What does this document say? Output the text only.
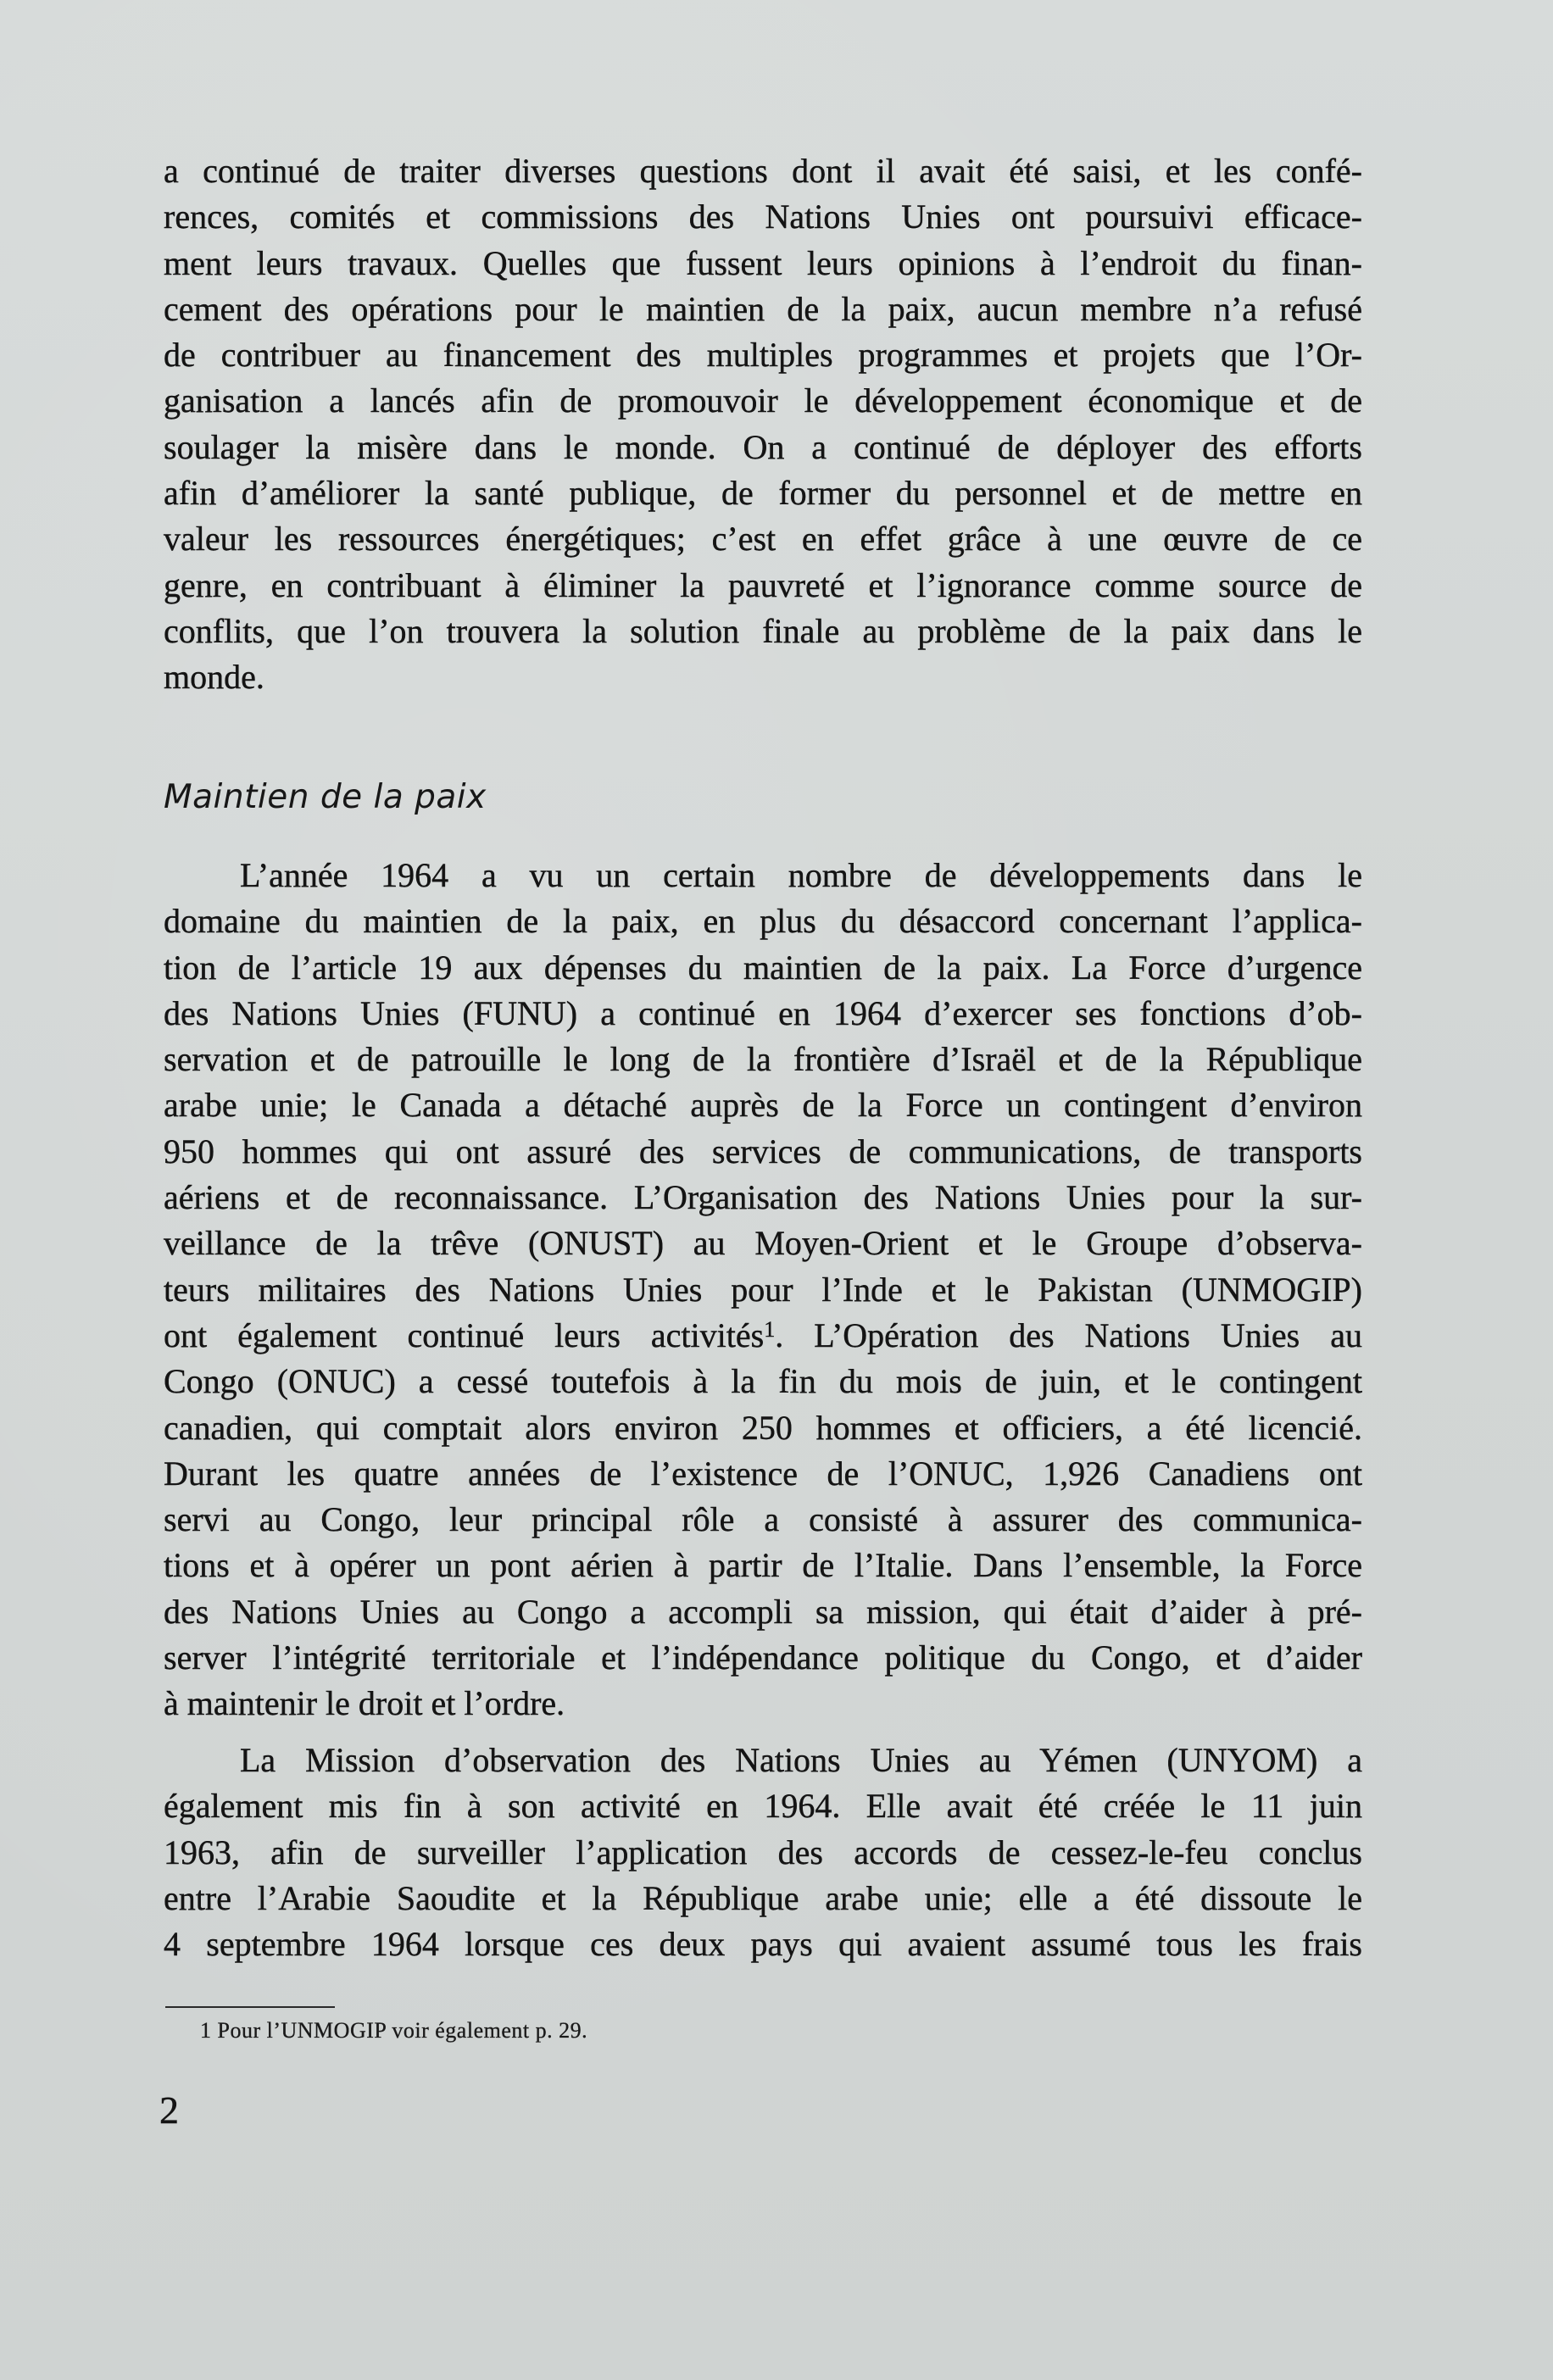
a continué de traiter diverses questions dont il avait été saisi, et les confé-
rences, comités et commissions des Nations Unies ont poursuivi efficace-
ment leurs travaux. Quelles que fussent leurs opinions à l’endroit du finan-
cement des opérations pour le maintien de la paix, aucun membre n’a refusé
de contribuer au financement des multiples programmes et projets que l’Or-
ganisation a lancés afin de promouvoir le développement économique et de
soulager la misère dans le monde. On a continué de déployer des efforts
afin d’améliorer la santé publique, de former du personnel et de mettre en
valeur les ressources énergétiques; c’est en effet grâce à une œuvre de ce
genre, en contribuant à éliminer la pauvreté et l’ignorance comme source de
conflits, que l’on trouvera la solution finale au problème de la paix dans le
monde.
Maintien de la paix
L’année 1964 a vu un certain nombre de développements dans le
domaine du maintien de la paix, en plus du désaccord concernant l’applica-
tion de l’article 19 aux dépenses du maintien de la paix. La Force d’urgence
des Nations Unies (FUNU) a continué en 1964 d’exercer ses fonctions d’ob-
servation et de patrouille le long de la frontière d’Israël et de la République
arabe unie; le Canada a détaché auprès de la Force un contingent d’environ
950 hommes qui ont assuré des services de communications, de transports
aériens et de reconnaissance. L’Organisation des Nations Unies pour la sur-
veillance de la trêve (ONUST) au Moyen-Orient et le Groupe d’observa-
teurs militaires des Nations Unies pour l’Inde et le Pakistan (UNMOGIP)
ont également continué leurs activités$^1$. L’Opération des Nations Unies au
Congo (ONUC) a cessé toutefois à la fin du mois de juin, et le contingent
canadien, qui comptait alors environ 250 hommes et officiers, a été licencié.
Durant les quatre années de l’existence de l’ONUC, 1,926 Canadiens ont
servi au Congo, leur principal rôle a consisté à assurer des communica-
tions et à opérer un pont aérien à partir de l’Italie. Dans l’ensemble, la Force
des Nations Unies au Congo a accompli sa mission, qui était d’aider à pré-
server l’intégrité territoriale et l’indépendance politique du Congo, et d’aider
à maintenir le droit et l’ordre.
La Mission d’observation des Nations Unies au Yémen (UNYOM) a
également mis fin à son activité en 1964. Elle avait été créée le 11 juin
1963, afin de surveiller l’application des accords de cessez-le-feu conclus
entre l’Arabie Saoudite et la République arabe unie; elle a été dissoute le
4 septembre 1964 lorsque ces deux pays qui avaient assumé tous les frais
1 Pour l’UNMOGIP voir également p. 29.
2
